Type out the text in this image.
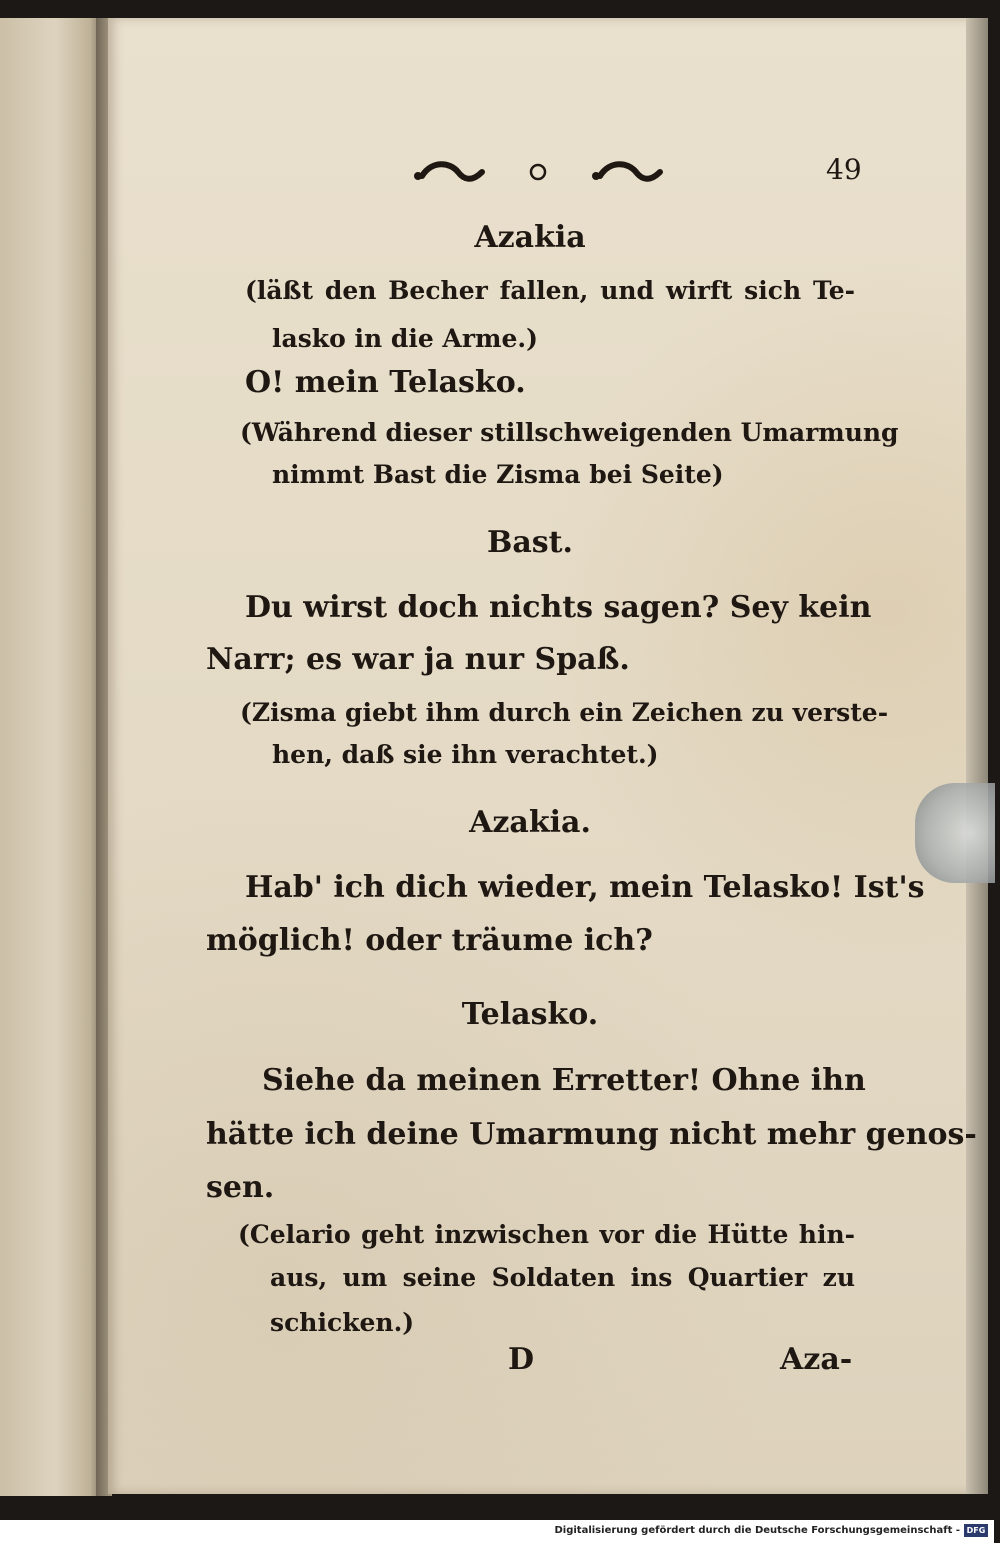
49
Azakia
(läßt den Becher fallen, und wirft sich Te-
lasko in die Arme.)
O! mein Telasko.
(Während dieser stillschweigenden Umarmung
nimmt Bast die Zisma bei Seite)
Bast.
Du wirst doch nichts sagen? Sey kein
Narr; es war ja nur Spaß.
(Zisma giebt ihm durch ein Zeichen zu verste-
hen, daß sie ihn verachtet.)
Azakia.
Hab' ich dich wieder, mein Telasko! Ist's
möglich! oder träume ich?
Telasko.
Siehe da meinen Erretter! Ohne ihn
hätte ich deine Umarmung nicht mehr genos-
sen.
(Celario geht inzwischen vor die Hütte hin-
aus, um seine Soldaten ins Quartier zu
schicken.)
D	Aza-
Digitalisierung gefördert durch die Deutsche Forschungsgemeinschaft - DFG
